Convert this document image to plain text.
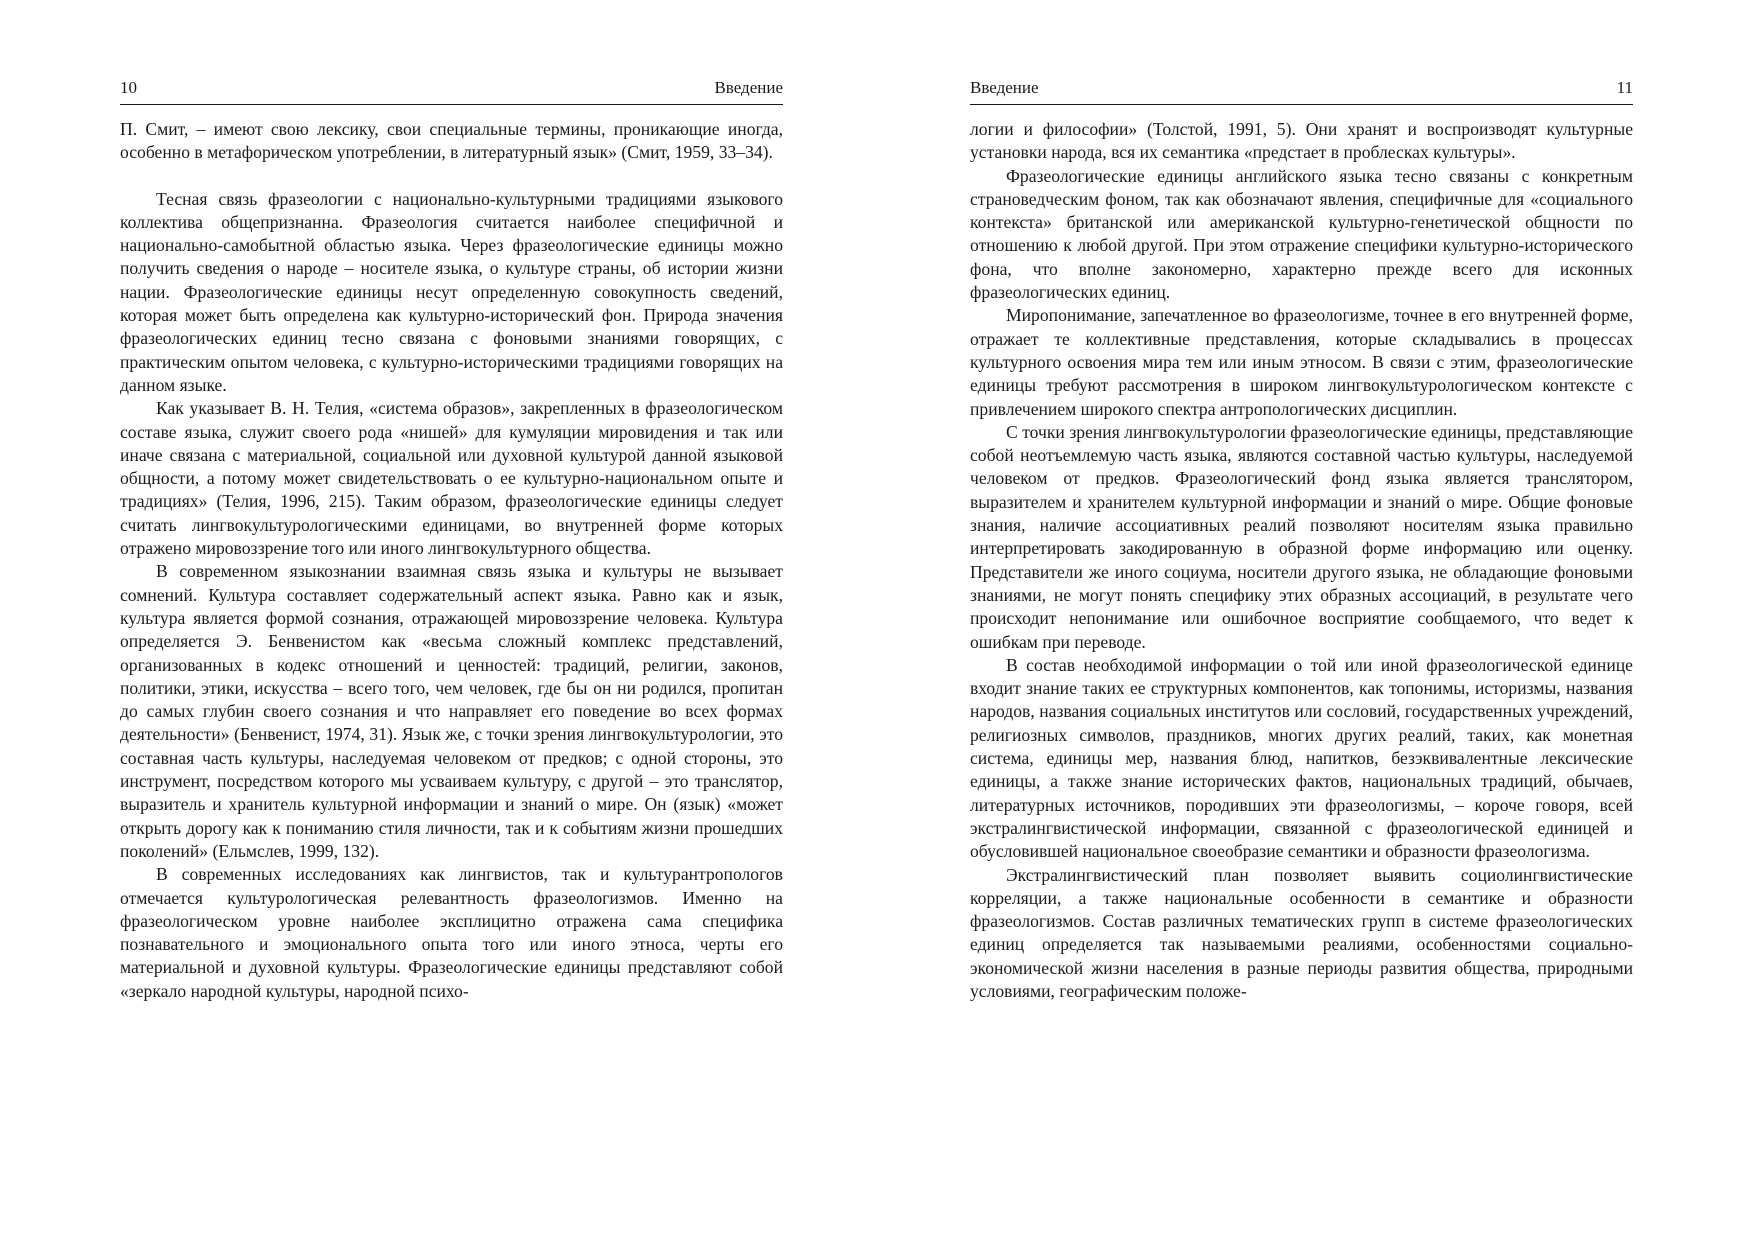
10	Введение

П. Смит, – имеют свою лексику, свои специальные термины, проникающие иногда, особенно в метафорическом употреблении, в литературный язык» (Смит, 1959, 33–34).

Тесная связь фразеологии с национально-культурными традициями языкового коллектива общепризнанна. Фразеология считается наиболее специфичной и национально-самобытной областью языка. Через фразеологические единицы можно получить сведения о народе – носителе языка, о культуре страны, об истории жизни нации. Фразеологические единицы несут определенную совокупность сведений, которая может быть определена как культурно-исторический фон. Природа значения фразеологических единиц тесно связана с фоновыми знаниями говорящих, с практическим опытом человека, с культурно-историческими традициями говорящих на данном языке.

Как указывает В. Н. Телия, «система образов», закрепленных в фразеологическом составе языка, служит своего рода «нишей» для кумуляции мировидения и так или иначе связана с материальной, социальной или духовной культурой данной языковой общности, а потому может свидетельствовать о ее культурно-национальном опыте и традициях» (Телия, 1996, 215). Таким образом, фразеологические единицы следует считать лингвокультурологическими единицами, во внутренней форме которых отражено мировоззрение того или иного лингвокультурного общества.

В современном языкознании взаимная связь языка и культуры не вызывает сомнений. Культура составляет содержательный аспект языка. Равно как и язык, культура является формой сознания, отражающей мировоззрение человека. Культура определяется Э. Бенвенистом как «весьма сложный комплекс представлений, организованных в кодекс отношений и ценностей: традиций, религии, законов, политики, этики, искусства – всего того, чем человек, где бы он ни родился, пропитан до самых глубин своего сознания и что направляет его поведение во всех формах деятельности» (Бенвенист, 1974, 31). Язык же, с точки зрения лингвокультурологии, это составная часть культуры, наследуемая человеком от предков; с одной стороны, это инструмент, посредством которого мы усваиваем культуру, с другой – это транслятор, выразитель и хранитель культурной информации и знаний о мире. Он (язык) «может открыть дорогу как к пониманию стиля личности, так и к событиям жизни прошедших поколений» (Ельмслев, 1999, 132).

В современных исследованиях как лингвистов, так и культурантропологов отмечается культурологическая релевантность фразеологизмов. Именно на фразеологическом уровне наиболее эксплицитно отражена сама специфика познавательного и эмоционального опыта того или иного этноса, черты его материальной и духовной культуры. Фразеологические единицы представляют собой «зеркало народной культуры, народной психо-

Введение	11

логии и философии» (Толстой, 1991, 5). Они хранят и воспроизводят культурные установки народа, вся их семантика «предстает в проблесках культуры».

Фразеологические единицы английского языка тесно связаны с конкретным страноведческим фоном, так как обозначают явления, специфичные для «социального контекста» британской или американской культурно-генетической общности по отношению к любой другой. При этом отражение специфики культурно-исторического фона, что вполне закономерно, характерно прежде всего для исконных фразеологических единиц.

Миропонимание, запечатленное во фразеологизме, точнее в его внутренней форме, отражает те коллективные представления, которые складывались в процессах культурного освоения мира тем или иным этносом. В связи с этим, фразеологические единицы требуют рассмотрения в широком лингвокультурологическом контексте с привлечением широкого спектра антропологических дисциплин.

С точки зрения лингвокультурологии фразеологические единицы, представляющие собой неотъемлемую часть языка, являются составной частью культуры, наследуемой человеком от предков. Фразеологический фонд языка является транслятором, выразителем и хранителем культурной информации и знаний о мире. Общие фоновые знания, наличие ассоциативных реалий позволяют носителям языка правильно интерпретировать закодированную в образной форме информацию или оценку. Представители же иного социума, носители другого языка, не обладающие фоновыми знаниями, не могут понять специфику этих образных ассоциаций, в результате чего происходит непонимание или ошибочное восприятие сообщаемого, что ведет к ошибкам при переводе.

В состав необходимой информации о той или иной фразеологической единице входит знание таких ее структурных компонентов, как топонимы, историзмы, названия народов, названия социальных институтов или сословий, государственных учреждений, религиозных символов, праздников, многих других реалий, таких, как монетная система, единицы мер, названия блюд, напитков, безэквивалентные лексические единицы, а также знание исторических фактов, национальных традиций, обычаев, литературных источников, породивших эти фразеологизмы, – короче говоря, всей экстралингвистической информации, связанной с фразеологической единицей и обусловившей национальное своеобразие семантики и образности фразеологизма.

Экстралингвистический план позволяет выявить социолингвистические корреляции, а также национальные особенности в семантике и образности фразеологизмов. Состав различных тематических групп в системе фразеологических единиц определяется так называемыми реалиями, особенностями социально-экономической жизни населения в разные периоды развития общества, природными условиями, географическим положе-
